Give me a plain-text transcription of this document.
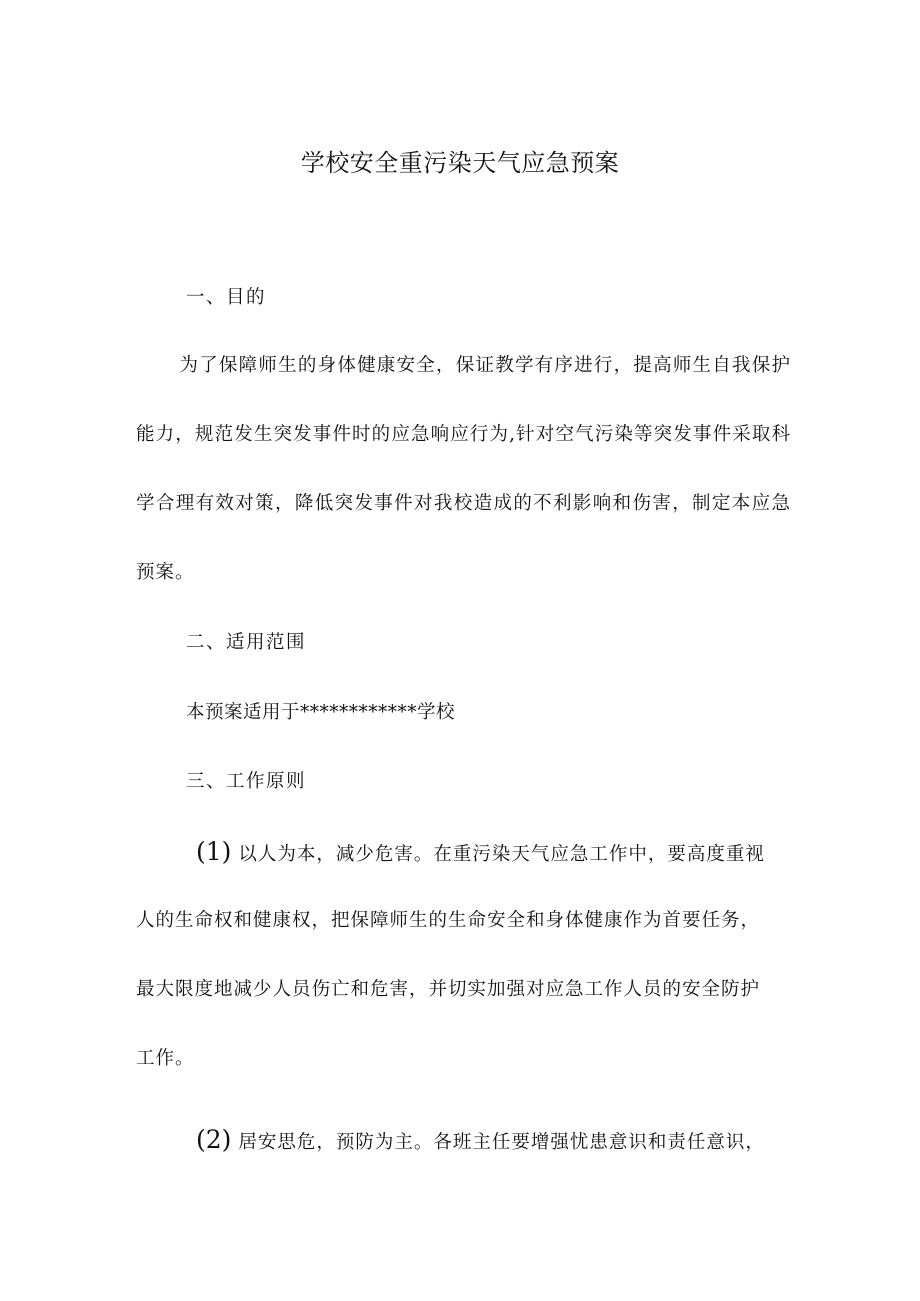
学校安全重污染天气应急预案

一、目的

为了保障师生的身体健康安全，保证教学有序进行，提高师生自我保护能力，规范发生突发事件时的应急响应行为,针对空气污染等突发事件采取科学合理有效对策，降低突发事件对我校造成的不利影响和伤害，制定本应急预案。

二、适用范围

本预案适用于************学校

三、工作原则

(1) 以人为本，减少危害。在重污染天气应急工作中，要高度重视
人的生命权和健康权，把保障师生的生命安全和身体健康作为首要任务，
最大限度地减少人员伤亡和危害，并切实加强对应急工作人员的安全防护
工作。
(2) 居安思危，预防为主。各班主任要增强忧患意识和责任意识，
